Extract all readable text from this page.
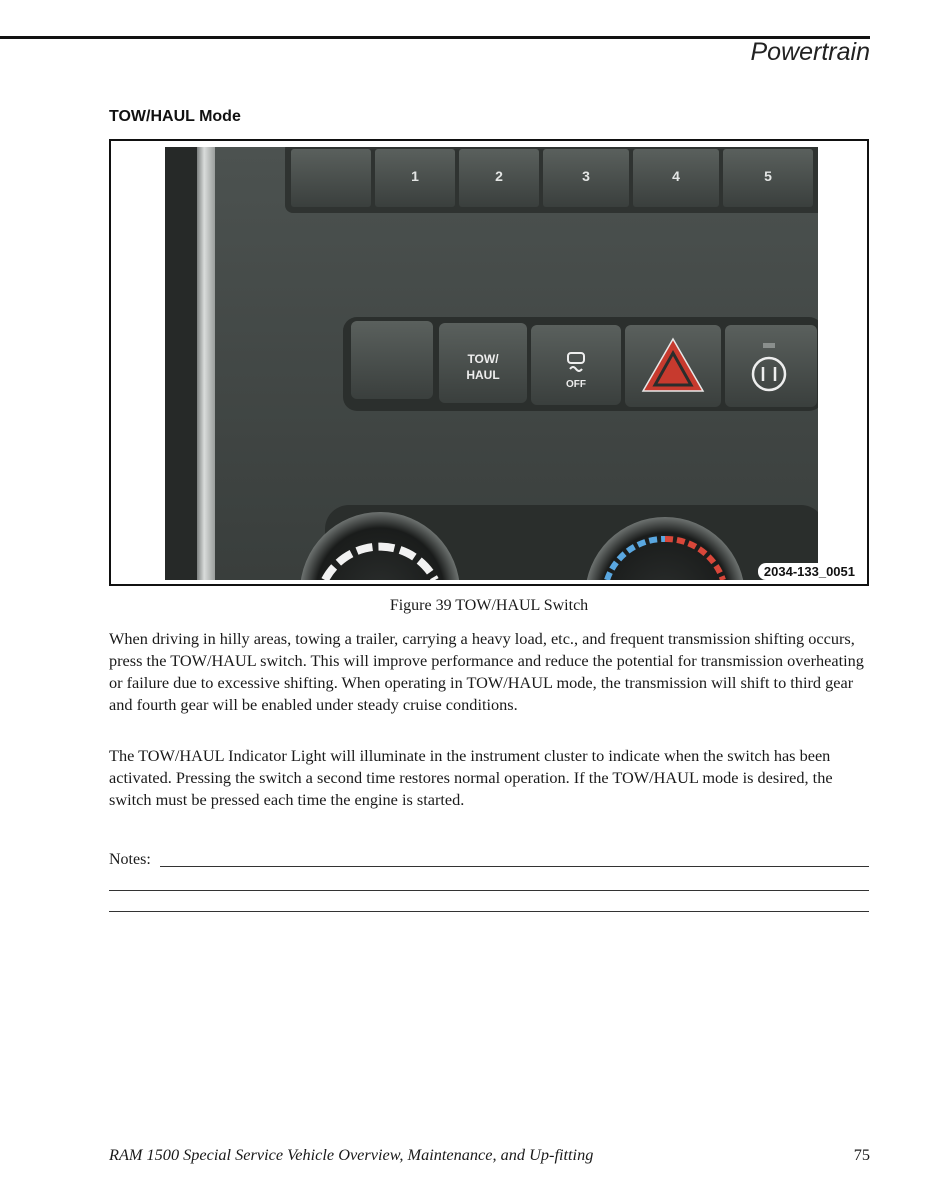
Powertrain
TOW/HAUL Mode
1	2	3	4	5
TOW/
HAUL
OFF
2034-133_0051
Figure 39 TOW/HAUL Switch

When driving in hilly areas, towing a trailer, carrying a heavy load, etc., and frequent transmission shifting occurs, press the TOW/HAUL switch. This will improve performance and reduce the potential for transmission overheating or failure due to excessive shifting. When operating in TOW/HAUL mode, the transmission will shift to third gear and fourth gear will be enabled under steady cruise conditions.

The TOW/HAUL Indicator Light will illuminate in the instrument cluster to indicate when the switch has been activated. Pressing the switch a second time restores normal operation. If the TOW/HAUL mode is desired, the switch must be pressed each time the engine is started.

Notes:
RAM 1500 Special Service Vehicle Overview, Maintenance, and Up-fitting	75
